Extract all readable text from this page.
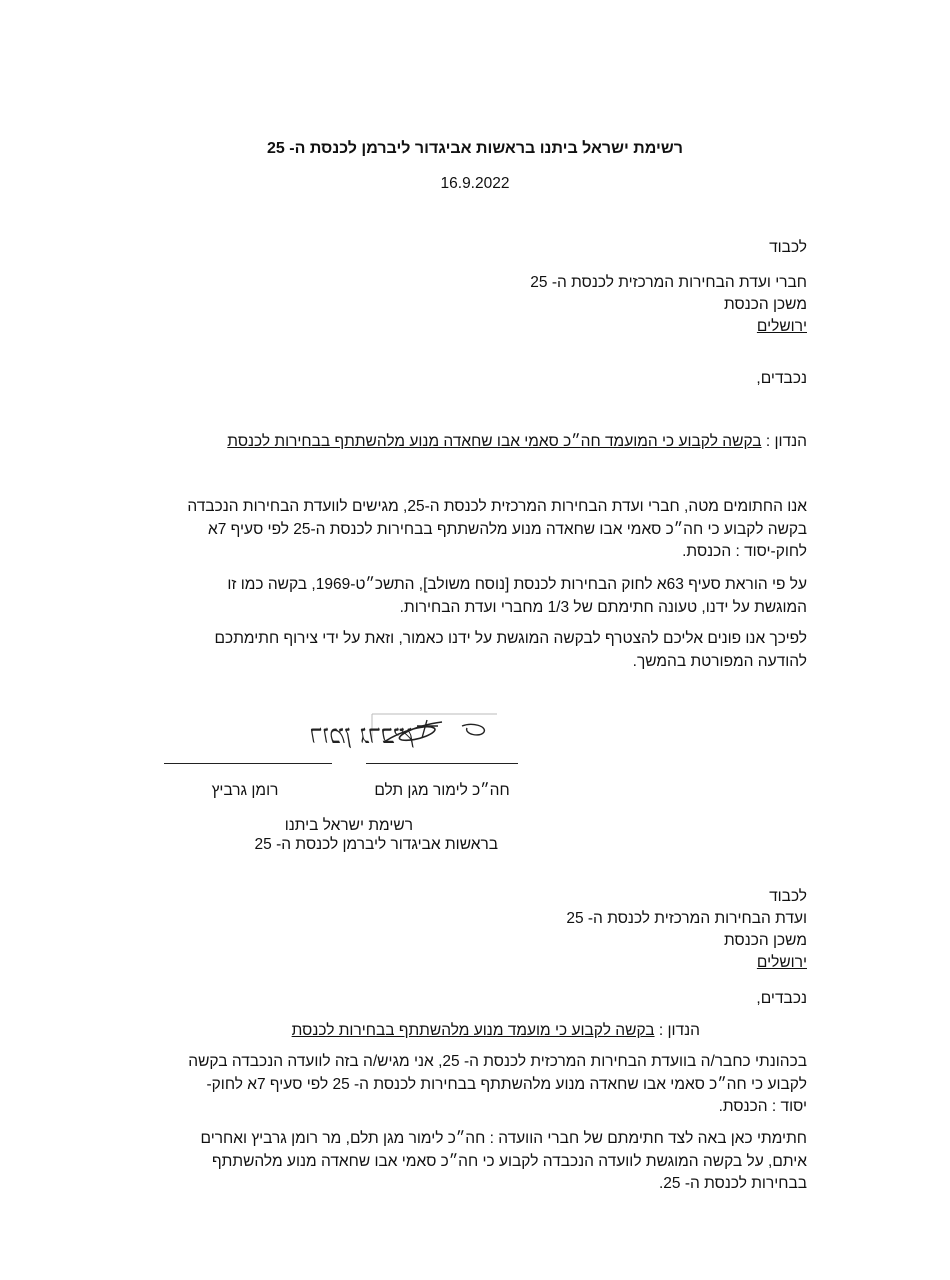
רשימת ישראל ביתנו בראשות אביגדור ליברמן לכנסת ה- 25
16.9.2022
לכבוד
חברי ועדת הבחירות המרכזית לכנסת ה- 25
משכן הכנסת
ירושלים
נכבדים,
הנדון : בקשה לקבוע כי המועמד חה״כ סאמי אבו שחאדה מנוע מלהשתתף בבחירות לכנסת
אנו החתומים מטה, חברי ועדת הבחירות המרכזית לכנסת ה-25, מגישים לוועדת הבחירות הנכבדה
בקשה לקבוע כי חה״כ סאמי אבו שחאדה מנוע מלהשתתף בבחירות לכנסת ה-25 לפי סעיף 7א
לחוק-יסוד : הכנסת.
על פי הוראת סעיף 63א לחוק הבחירות לכנסת [נוסח משולב], התשכ״ט-1969, בקשה כמו זו
המוגשת על ידנו, טעונה חתימתם של 1/3 מחברי ועדת הבחירות.
לפיכך אנו פונים אליכם להצטרף לבקשה המוגשת על ידנו כאמור, וזאת על ידי צירוף חתימתכם
להודעה המפורטת בהמשך.
רומן גרביץ
חה״כ לימור מגן תלם
רומן גרביץ
רשימת ישראל ביתנו
בראשות אביגדור ליברמן לכנסת ה- 25
לכבוד
ועדת הבחירות המרכזית לכנסת ה- 25
משכן הכנסת
ירושלים
נכבדים,
הנדון : בקשה לקבוע כי מועמד מנוע מלהשתתף בבחירות לכנסת
בכהונתי כחבר/ה בוועדת הבחירות המרכזית לכנסת ה- 25, אני מגיש/ה בזה לוועדה הנכבדה בקשה
לקבוע כי חה״כ סאמי אבו שחאדה מנוע מלהשתתף בבחירות לכנסת ה- 25 לפי סעיף 7א לחוק-
יסוד : הכנסת.
חתימתי כאן באה לצד חתימתם של חברי הוועדה : חה״כ לימור מגן תלם, מר רומן גרביץ ואחרים
איתם, על בקשה המוגשת לוועדה הנכבדה לקבוע כי חה״כ סאמי אבו שחאדה מנוע מלהשתתף
בבחירות לכנסת ה- 25.
